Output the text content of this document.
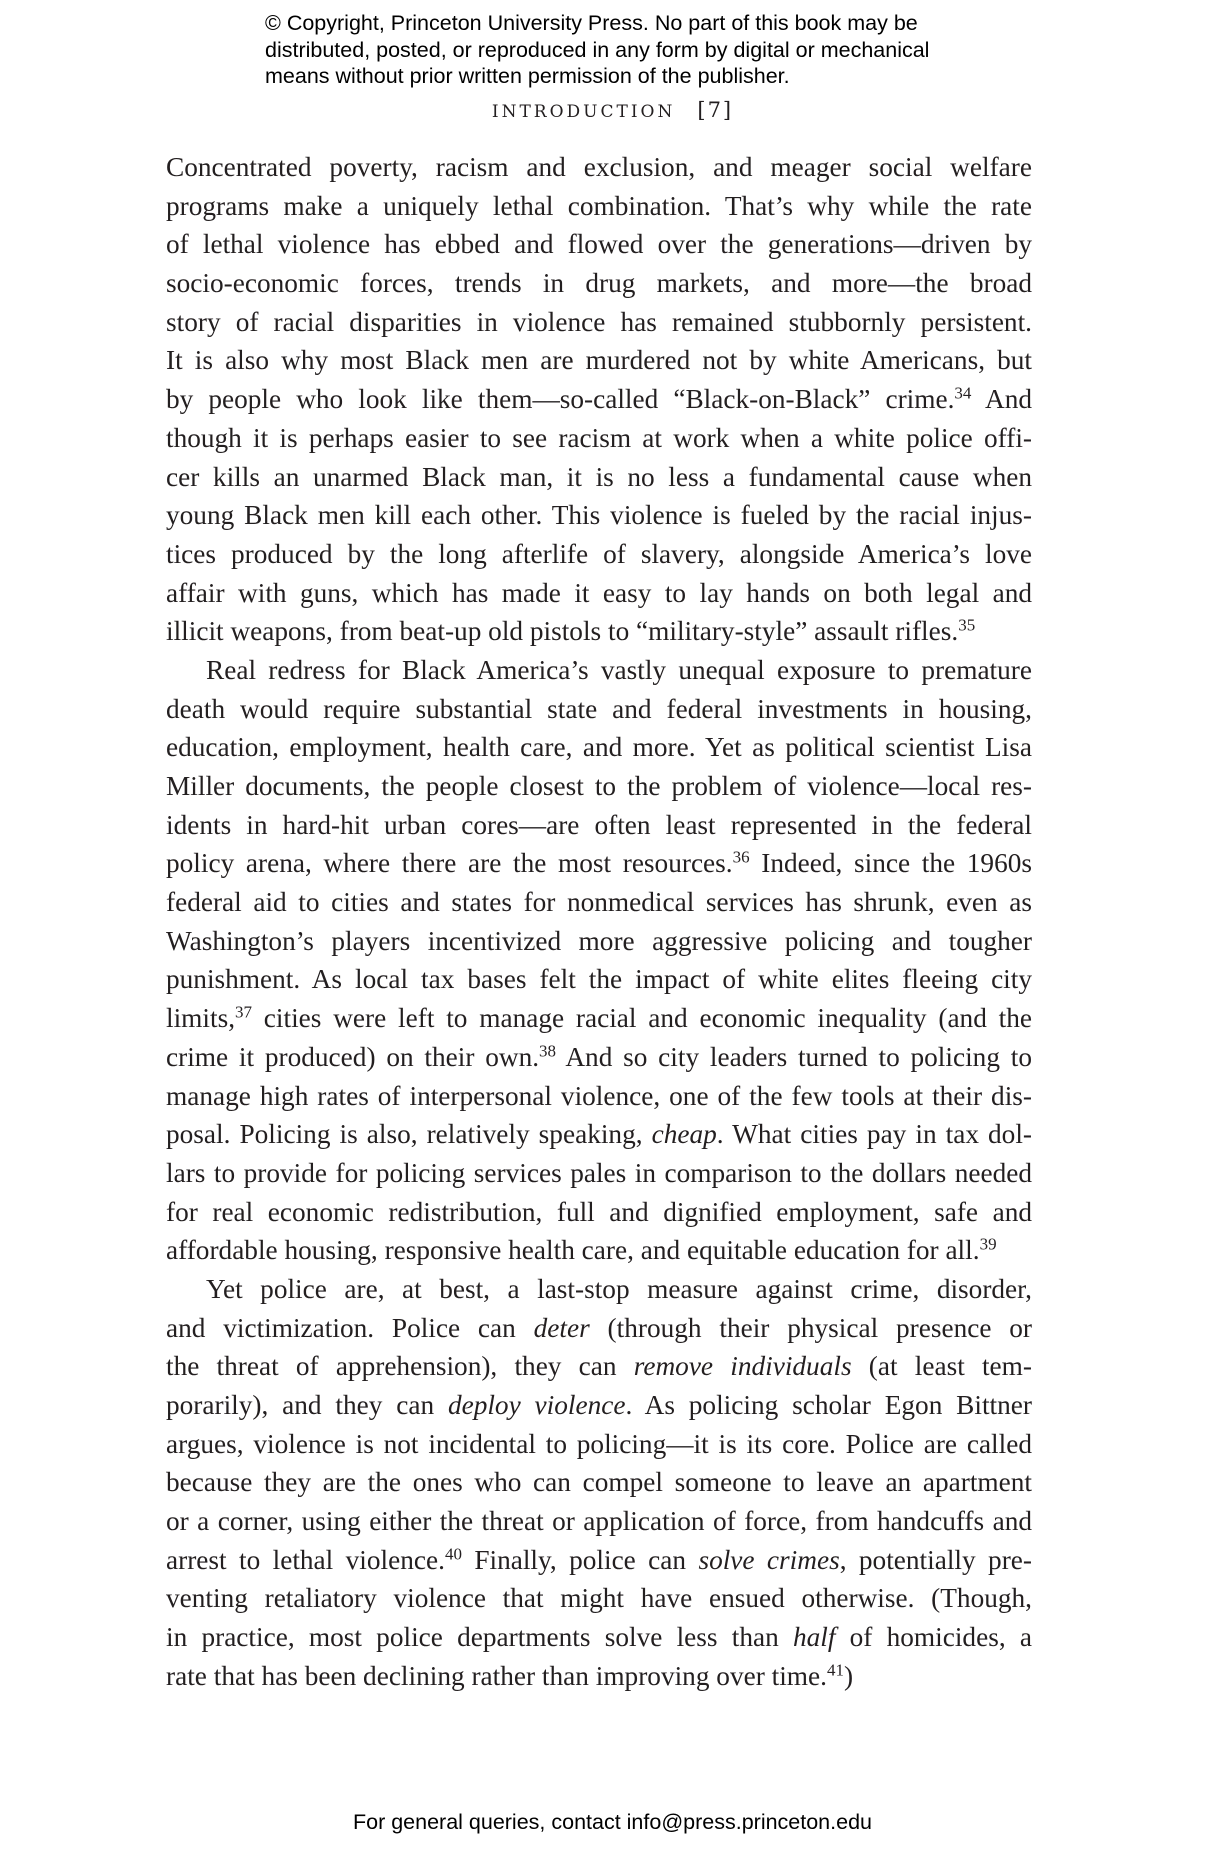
© Copyright, Princeton University Press. No part of this book may be

distributed, posted, or reproduced in any form by digital or mechanical

means without prior written permission of the publisher.

INTRODUCTION [7]
Concentrated poverty, racism and exclusion, and meager social welfare
programs make a uniquely lethal combination. That’s why while the rate
of lethal violence has ebbed and flowed over the generations—driven by
socio-economic forces, trends in drug markets, and more—the broad
story of racial disparities in violence has remained stubbornly persistent.
It is also why most Black men are murdered not by white Americans, but
by people who look like them—so-called “Black-on-Black” crime.$^{34}$ And
though it is perhaps easier to see racism at work when a white police offi-
cer kills an unarmed Black man, it is no less a fundamental cause when
young Black men kill each other. This violence is fueled by the racial injus-
tices produced by the long afterlife of slavery, alongside America’s love
affair with guns, which has made it easy to lay hands on both legal and
illicit weapons, from beat-up old pistols to “military-style” assault rifles.$^{35}$
Real redress for Black America’s vastly unequal exposure to premature
death would require substantial state and federal investments in housing,
education, employment, health care, and more. Yet as political scientist Lisa
Miller documents, the people closest to the problem of violence—local res-
idents in hard-hit urban cores—are often least represented in the federal
policy arena, where there are the most resources.$^{36}$ Indeed, since the 1960s
federal aid to cities and states for nonmedical services has shrunk, even as
Washington’s players incentivized more aggressive policing and tougher
punishment. As local tax bases felt the impact of white elites fleeing city
limits,$^{37}$ cities were left to manage racial and economic inequality (and the
crime it produced) on their own.$^{38}$ And so city leaders turned to policing to
manage high rates of interpersonal violence, one of the few tools at their dis-
posal. Policing is also, relatively speaking, cheap. What cities pay in tax dol-
lars to provide for policing services pales in comparison to the dollars needed
for real economic redistribution, full and dignified employment, safe and
affordable housing, responsive health care, and equitable education for all.$^{39}$
Yet police are, at best, a last-stop measure against crime, disorder,
and victimization. Police can deter (through their physical presence or
the threat of apprehension), they can remove individuals (at least tem-
porarily), and they can deploy violence. As policing scholar Egon Bittner
argues, violence is not incidental to policing—it is its core. Police are called
because they are the ones who can compel someone to leave an apartment
or a corner, using either the threat or application of force, from handcuffs and
arrest to lethal violence.$^{40}$ Finally, police can solve crimes, potentially pre-
venting retaliatory violence that might have ensued otherwise. (Though,
in practice, most police departments solve less than half of homicides, a
rate that has been declining rather than improving over time.$^{41}$)
For general queries, contact info@press.princeton.edu
